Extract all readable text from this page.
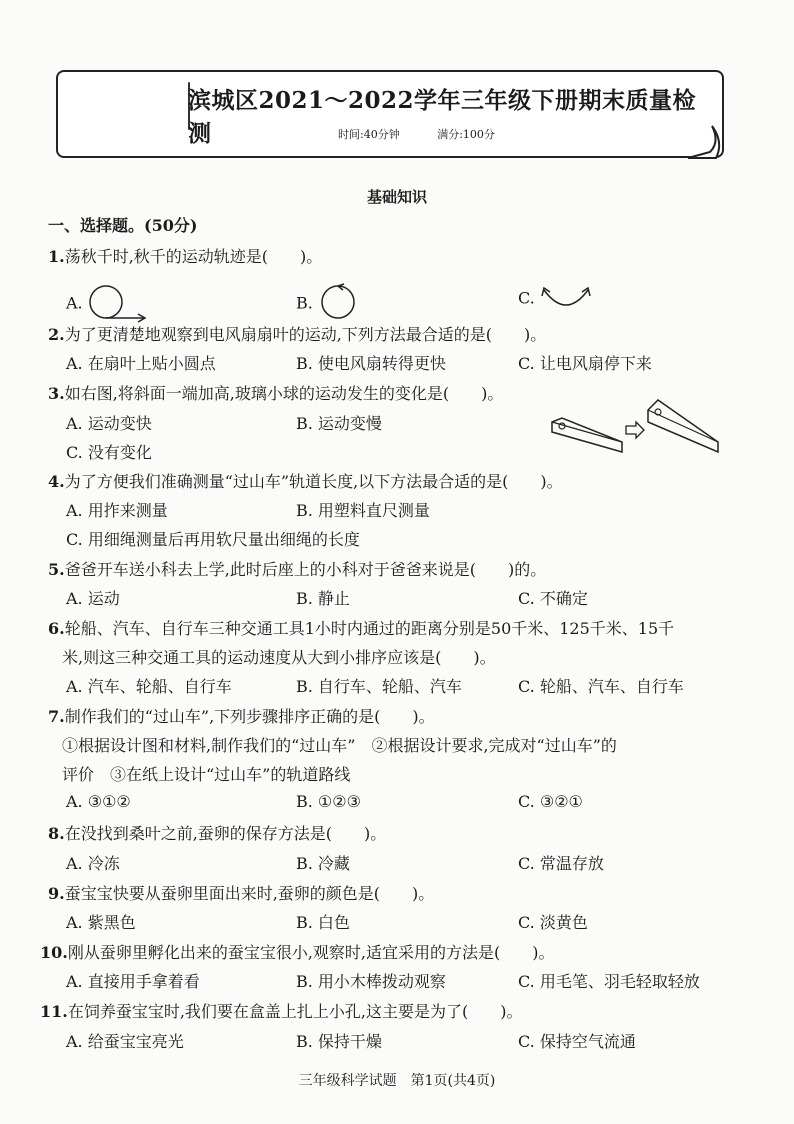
滨城区2021～2022学年三年级下册期末质量检测	时间:40分钟	满分:100分
基础知识
一、选择题。(50分)
1.荡秋千时,秋千的运动轨迹是(　　)。
A.	B.	C.
2.为了更清楚地观察到电风扇扇叶的运动,下列方法最合适的是(　　)。
A. 在扇叶上贴小圆点	B. 使电风扇转得更快	C. 让电风扇停下来
3.如右图,将斜面一端加高,玻璃小球的运动发生的变化是(　　)。
A. 运动变快	B. 运动变慢
C. 没有变化
4.为了方便我们准确测量“过山车”轨道长度,以下方法最合适的是(　　)。
A. 用拃来测量	B. 用塑料直尺测量
C. 用细绳测量后再用软尺量出细绳的长度
5.爸爸开车送小科去上学,此时后座上的小科对于爸爸来说是(　　)的。
A. 运动	B. 静止	C. 不确定
6.轮船、汽车、自行车三种交通工具1小时内通过的距离分别是50千米、125千米、15千
米,则这三种交通工具的运动速度从大到小排序应该是(　　)。
A. 汽车、轮船、自行车	B. 自行车、轮船、汽车	C. 轮船、汽车、自行车
7.制作我们的“过山车”,下列步骤排序正确的是(　　)。
①根据设计图和材料,制作我们的“过山车”　②根据设计要求,完成对“过山车”的
评价　③在纸上设计“过山车”的轨道路线
A. ③①②	B. ①②③	C. ③②①
8.在没找到桑叶之前,蚕卵的保存方法是(　　)。
A. 冷冻	B. 冷藏	C. 常温存放
9.蚕宝宝快要从蚕卵里面出来时,蚕卵的颜色是(　　)。
A. 紫黑色	B. 白色	C. 淡黄色
10.刚从蚕卵里孵化出来的蚕宝宝很小,观察时,适宜采用的方法是(　　)。
A. 直接用手拿着看	B. 用小木棒拨动观察	C. 用毛笔、羽毛轻取轻放
11.在饲养蚕宝宝时,我们要在盒盖上扎上小孔,这主要是为了(　　)。
A. 给蚕宝宝亮光	B. 保持干燥	C. 保持空气流通
三年级科学试题　第1页(共4页)
